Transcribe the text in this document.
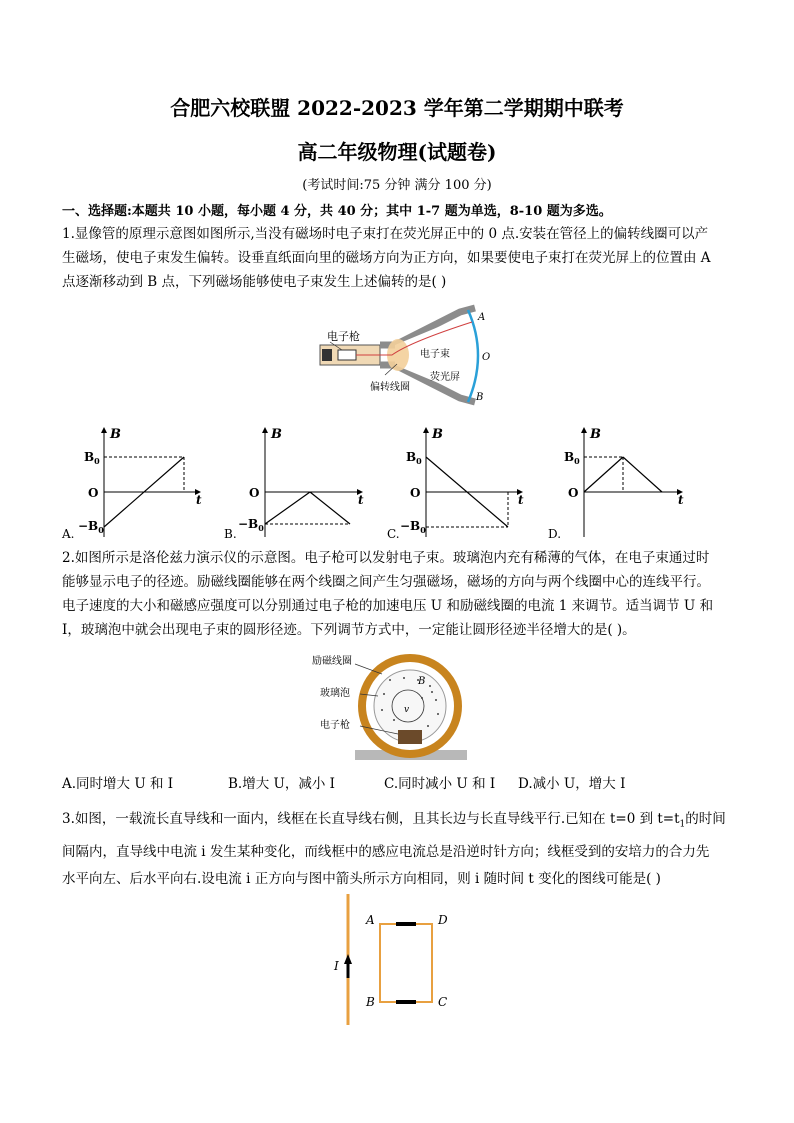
合肥六校联盟 2022-2023 学年第二学期期中联考
高二年级物理(试题卷)
(考试时间:75 分钟 满分 100 分)
一、选择题:本题共 10 小题，每小题 4 分，共 40 分；其中 1-7 题为单选，8-10 题为多选。
1.显像管的原理示意图如图所示,当没有磁场时电子束打在荧光屏正中的 0 点.安装在管径上的偏转线圈可以产
生磁场，使电子束发生偏转。设垂直纸面向里的磁场方向为正方向，如果要使电子束打在荧光屏上的位置由 A
点逐渐移动到 B 点，下列磁场能够使电子束发生上述偏转的是( )
电子枪
电子束
荧光屏
偏转线圈
A
O
B
B
$B_0$
O
$-B_0$
t
A.
B
O
$-B_0$
t
B.
B
$B_0$
O
$-B_0$
t
C.
B
$B_0$
O	t
D.
2.如图所示是洛伦兹力演示仪的示意图。电子枪可以发射电子束。玻璃泡内充有稀薄的气体，在电子束通过时
能够显示电子的径迹。励磁线圈能够在两个线圈之间产生匀强磁场，磁场的方向与两个线圈中心的连线平行。
电子速度的大小和磁感应强度可以分别通过电子枪的加速电压 U 和励磁线圈的电流 1 来调节。适当调节 U 和
I，玻璃泡中就会出现电子束的圆形径迹。下列调节方式中，一定能让圆形径迹半径增大的是( )。
励磁线圈
玻璃泡
电子枪
B
v
A.同时增大 U 和 I	B.增大 U，减小 I	C.同时减小 U 和 I D.减小 U，增大 I
3.如图，一载流长直导线和一面内，线框在长直导线右侧，且其长边与长直导线平行.已知在 t=0 到 $t=t_1$的时间
间隔内，直导线中电流 i 发生某种变化，而线框中的感应电流总是沿逆时针方向；线框受到的安培力的合力先
水平向左、后水平向右.设电流 i 正方向与图中箭头所示方向相同，则 i 随时间 t 变化的图线可能是( )
I
A
B	C
D
